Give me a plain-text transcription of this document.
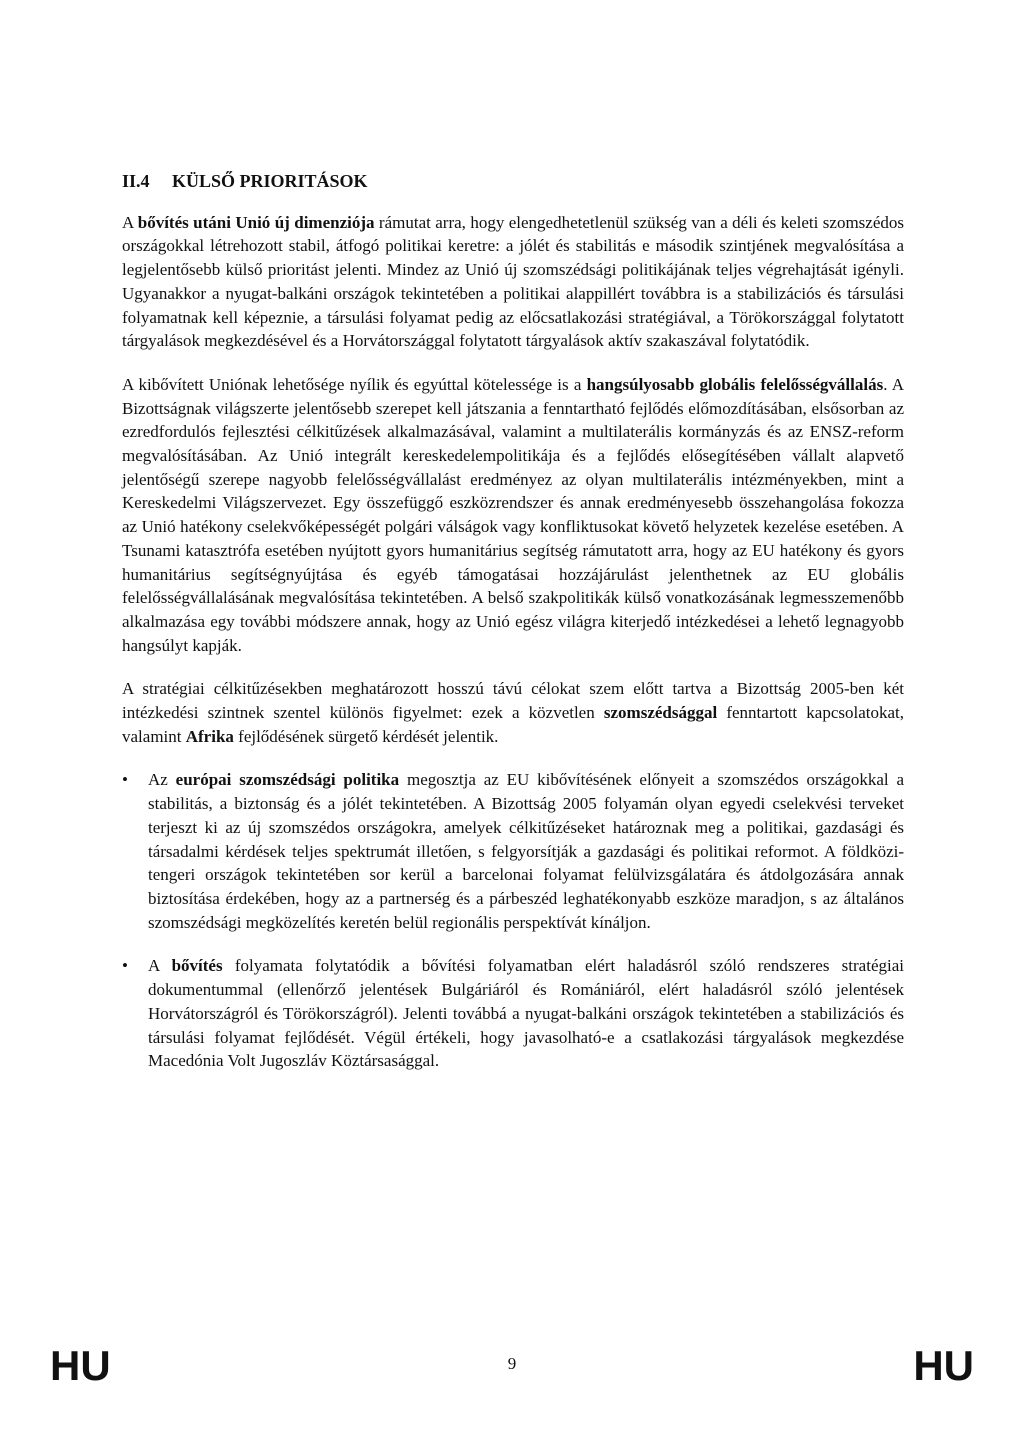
II.4	KÜLSŐ PRIORITÁSOK

A bővítés utáni Unió új dimenziója rámutat arra, hogy elengedhetetlenül szükség van a déli és keleti szomszédos országokkal létrehozott stabil, átfogó politikai keretre: a jólét és stabilitás e második szintjének megvalósítása a legjelentősebb külső prioritást jelenti. Mindez az Unió új szomszédsági politikájának teljes végrehajtását igényli. Ugyanakkor a nyugat-balkáni országok tekintetében a politikai alappillért továbbra is a stabilizációs és társulási folyamatnak kell képeznie, a társulási folyamat pedig az előcsatlakozási stratégiával, a Törökországgal folytatott tárgyalások megkezdésével és a Horvátországgal folytatott tárgyalások aktív szakaszával folytatódik.

A kibővített Uniónak lehetősége nyílik és egyúttal kötelessége is a hangsúlyosabb globális felelősségvállalás. A Bizottságnak világszerte jelentősebb szerepet kell játszania a fenntartható fejlődés előmozdításában, elsősorban az ezredfordulós fejlesztési célkitűzések alkalmazásával, valamint a multilaterális kormányzás és az ENSZ-reform megvalósításában. Az Unió integrált kereskedelempolitikája és a fejlődés elősegítésében vállalt alapvető jelentőségű szerepe nagyobb felelősségvállalást eredményez az olyan multilaterális intézményekben, mint a Kereskedelmi Világszervezet. Egy összefüggő eszközrendszer és annak eredményesebb összehangolása fokozza az Unió hatékony cselekvőképességét polgári válságok vagy konfliktusokat követő helyzetek kezelése esetében. A Tsunami katasztrófa esetében nyújtott gyors humanitárius segítség rámutatott arra, hogy az EU hatékony és gyors humanitárius segítségnyújtása és egyéb támogatásai hozzájárulást jelenthetnek az EU globális felelősségvállalásának megvalósítása tekintetében. A belső szakpolitikák külső vonatkozásának legmesszemenőbb alkalmazása egy további módszere annak, hogy az Unió egész világra kiterjedő intézkedései a lehető legnagyobb hangsúlyt kapják.

A stratégiai célkitűzésekben meghatározott hosszú távú célokat szem előtt tartva a Bizottság 2005-ben két intézkedési szintnek szentel különös figyelmet: ezek a közvetlen szomszédsággal fenntartott kapcsolatokat, valamint Afrika fejlődésének sürgető kérdését jelentik.

• Az európai szomszédsági politika megosztja az EU kibővítésének előnyeit a szomszédos országokkal a stabilitás, a biztonság és a jólét tekintetében. A Bizottság 2005 folyamán olyan egyedi cselekvési terveket terjeszt ki az új szomszédos országokra, amelyek célkitűzéseket határoznak meg a politikai, gazdasági és társadalmi kérdések teljes spektrumát illetően, s felgyorsítják a gazdasági és politikai reformot. A földközi-tengeri országok tekintetében sor kerül a barcelonai folyamat felülvizsgálatára és átdolgozására annak biztosítása érdekében, hogy az a partnerség és a párbeszéd leghatékonyabb eszköze maradjon, s az általános szomszédsági megközelítés keretén belül regionális perspektívát kínáljon.
• A bővítés folyamata folytatódik a bővítési folyamatban elért haladásról szóló rendszeres stratégiai dokumentummal (ellenőrző jelentések Bulgáriáról és Romániáról, elért haladásról szóló jelentések Horvátországról és Törökországról). Jelenti továbbá a nyugat-balkáni országok tekintetében a stabilizációs és társulási folyamat fejlődését. Végül értékeli, hogy javasolható-e a csatlakozási tárgyalások megkezdése Macedónia Volt Jugoszláv Köztársasággal.
HU	9	HU
